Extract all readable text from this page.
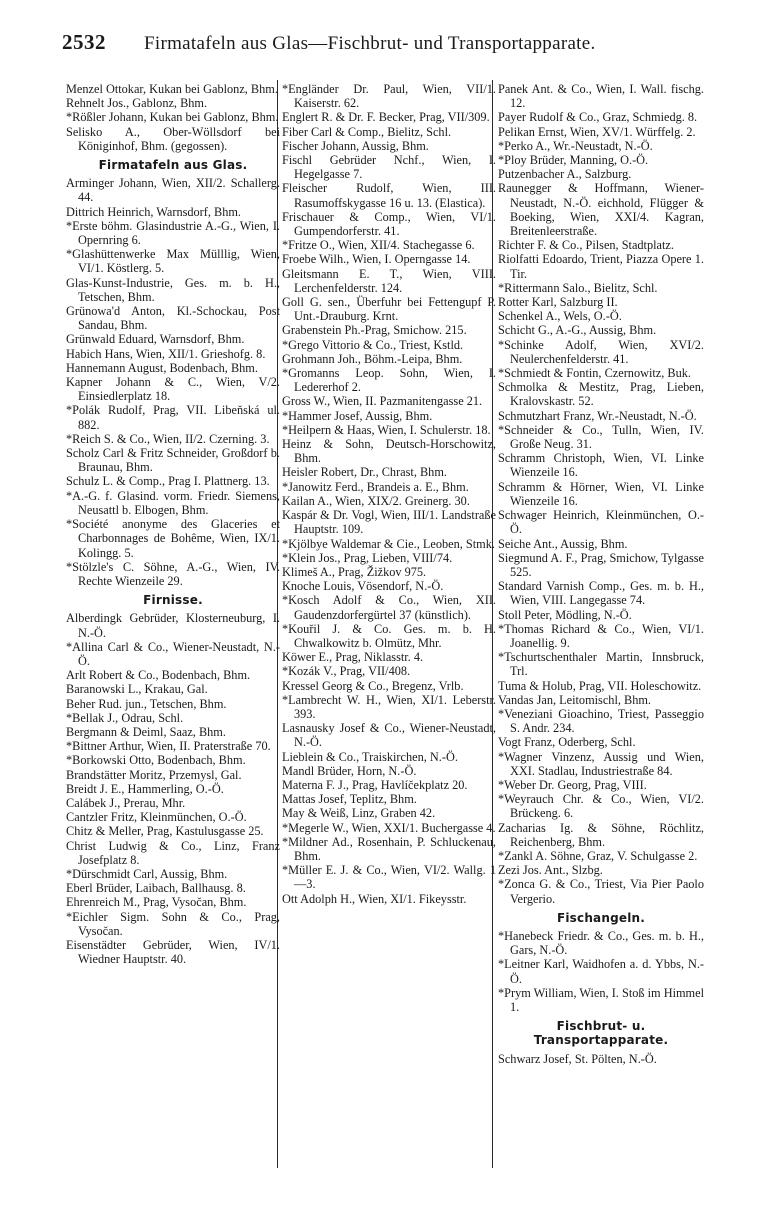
2532	Firmatafeln aus Glas—Fischbrut- und Transportapparate.
Menzel Ottokar, Kukan bei Gablonz, Bhm.
Rehnelt Jos., Gablonz, Bhm.
*Rößler Johann, Kukan bei Gablonz, Bhm.
Selisko A., Ober-Wöllsdorf bei Königinhof, Bhm. (gegossen).
Firmatafeln aus Glas.
Arminger Johann, Wien, XII/2. Schallerg. 44.
Dittrich Heinrich, Warnsdorf, Bhm.
*Erste böhm. Glasindustrie A.-G., Wien, I. Opernring 6.
*Glashüttenwerke Max Mülllig, Wien, VI/1. Köstlerg. 5.
Glas-Kunst-Industrie, Ges. m. b. H., Tetschen, Bhm.
Grünowa'd Anton, Kl.-Schockau, Post Sandau, Bhm.
Grünwald Eduard, Warnsdorf, Bhm.
Habich Hans, Wien, XII/1. Grieshofg. 8.
Hannemann August, Bodenbach, Bhm.
Kapner Johann & C., Wien, V/2. Einsiedlerplatz 18.
*Polák Rudolf, Prag, VII. Libeňská ul. 882.
*Reich S. & Co., Wien, II/2. Czerning. 3.
Scholz Carl & Fritz Schneider, Großdorf b. Braunau, Bhm.
Schulz L. & Comp., Prag I. Plattnerg. 13.
*A.-G. f. Glasind. vorm. Friedr. Siemens, Neusattl b. Elbogen, Bhm.
*Société anonyme des Glaceries et Charbonnages de Bohême, Wien, IX/1. Kolingg. 5.
*Stölzle's C. Söhne, A.-G., Wien, IV. Rechte Wienzeile 29.
Firnisse.
Alberdingk Gebrüder, Klosterneuburg, I. N.-Ö.
*Allina Carl & Co., Wiener-Neustadt, N.-Ö.
Arlt Robert & Co., Bodenbach, Bhm.
Baranowski L., Krakau, Gal.
Beher Rud. jun., Tetschen, Bhm.
*Bellak J., Odrau, Schl.
Bergmann & Deiml, Saaz, Bhm.
*Bittner Arthur, Wien, II. Praterstraße 70.
*Borkowski Otto, Bodenbach, Bhm.
Brandstätter Moritz, Przemysl, Gal.
Breidt J. E., Hammerling, O.-Ö.
Calábek J., Prerau, Mhr.
Cantzler Fritz, Kleinmünchen, O.-Ö.
Chitz & Meller, Prag, Kastulusgasse 25.
Christ Ludwig & Co., Linz, Franz Josefplatz 8.
*Dürschmidt Carl, Aussig, Bhm.
Eberl Brüder, Laibach, Ballhausg. 8.
Ehrenreich M., Prag, Vysočan, Bhm.
*Eichler Sigm. Sohn & Co., Prag, Vysočan.
Eisenstädter Gebrüder, Wien, IV/1. Wiedner Hauptstr. 40.
*Engländer Dr. Paul, Wien, VII/1. Kaiserstr. 62.
Englert R. & Dr. F. Becker, Prag, VII/309.
Fiber Carl & Comp., Bielitz, Schl.
Fischer Johann, Aussig, Bhm.
Fischl Gebrüder Nchf., Wien, I. Hegelgasse 7.
Fleischer Rudolf, Wien, III. Rasumoffskygasse 16 u. 13. (Elastica).
Frischauer & Comp., Wien, VI/1. Gumpendorferstr. 41.
*Fritze O., Wien, XII/4. Stachegasse 6.
Froebe Wilh., Wien, I. Operngasse 14.
Gleitsmann E. T., Wien, VIII. Lerchenfelderstr. 124.
Goll G. sen., Überfuhr bei Fettengupf P. Unt.-Drauburg. Krnt.
Grabenstein Ph.-Prag, Smichow. 215.
*Grego Vittorio & Co., Triest, Kstld.
Grohmann Joh., Böhm.-Leipa, Bhm.
*Gromanns Leop. Sohn, Wien, I. Ledererhof 2.
Gross W., Wien, II. Pazmanitengasse 21.
*Hammer Josef, Aussig, Bhm.
*Heilpern & Haas, Wien, I. Schulerstr. 18.
Heinz & Sohn, Deutsch-Horschowitz, Bhm.
Heisler Robert, Dr., Chrast, Bhm.
*Janowitz Ferd., Brandeis a. E., Bhm.
Kailan A., Wien, XIX/2. Greinerg. 30.
Kaspár & Dr. Vogl, Wien, III/1. Landstraße Hauptstr. 109.
*Kjölbye Waldemar & Cie., Leoben, Stmk.
*Klein Jos., Prag, Lieben, VIII/74.
Klimeš A., Prag, Žižkov 975.
Knoche Louis, Vösendorf, N.-Ö.
*Kosch Adolf & Co., Wien, XII. Gaudenzdorfergürtel 37 (künstlich).
*Kouřil J. & Co. Ges. m. b. H. Chwalkowitz b. Olmütz, Mhr.
Köwer E., Prag, Niklasstr. 4.
*Kozák V., Prag, VII/408.
Kressel Georg & Co., Bregenz, Vrlb.
*Lambrecht W. H., Wien, XI/1. Leberstr. 393.
Lasnausky Josef & Co., Wiener-Neustadt, N.-Ö.
Lieblein & Co., Traiskirchen, N.-Ö.
Mandl Brüder, Horn, N.-Ö.
Materna F. J., Prag, Havlíčekplatz 20.
Mattas Josef, Teplitz, Bhm.
May & Weiß, Linz, Graben 42.
*Megerle W., Wien, XXI/1. Buchergasse 4.
*Mildner Ad., Rosenhain, P. Schluckenau, Bhm.
*Müller E. J. & Co., Wien, VI/2. Wallg. 1—3.
Ott Adolph H., Wien, XI/1. Fikeysstr.
Panek Ant. & Co., Wien, I. Wall. fischg. 12.
Payer Rudolf & Co., Graz, Schmiedg. 8.
Pelikan Ernst, Wien, XV/1. Würffelg. 2.
*Perko A., Wr.-Neustadt, N.-Ö.
*Ploy Brüder, Manning, O.-Ö.
Putzenbacher A., Salzburg.
Raunegger & Hoffmann, Wiener-Neustadt, N.-Ö. eichhold, Flügger & Boeking, Wien, XXI/4. Kagran, Breitenleerstraße.
Richter F. & Co., Pilsen, Stadtplatz.
Riolfatti Edoardo, Trient, Piazza Opere 1. Tir.
*Rittermann Salo., Bielitz, Schl.
Rotter Karl, Salzburg II.
Schenkel A., Wels, O.-Ö.
Schicht G., A.-G., Aussig, Bhm.
*Schinke Adolf, Wien, XVI/2. Neulerchenfelderstr. 41.
*Schmiedt & Fontin, Czernowitz, Buk.
Schmolka & Mestitz, Prag, Lieben, Kralovskastr. 52.
Schmutzhart Franz, Wr.-Neustadt, N.-Ö.
*Schneider & Co., Tulln, Wien, IV. Große Neug. 31.
Schramm Christoph, Wien, VI. Linke Wienzeile 16.
Schramm & Hörner, Wien, VI. Linke Wienzeile 16.
Schwager Heinrich, Kleinmünchen, O.-Ö.
Seiche Ant., Aussig, Bhm.
Siegmund A. F., Prag, Smichow, Tylgasse 525.
Standard Varnish Comp., Ges. m. b. H., Wien, VIII. Langegasse 74.
Stoll Peter, Mödling, N.-Ö.
*Thomas Richard & Co., Wien, VI/1. Joanellig. 9.
*Tschurtschenthaler Martin, Innsbruck, Trl.
Tuma & Holub, Prag, VII. Holeschowitz.
Vandas Jan, Leitomischl, Bhm.
*Veneziani Gioachino, Triest, Passeggio S. Andr. 234.
Vogt Franz, Oderberg, Schl.
*Wagner Vinzenz, Aussig und Wien, XXI. Stadlau, Industriestraße 84.
*Weber Dr. Georg, Prag, VIII.
*Weyrauch Chr. & Co., Wien, VI/2. Brückeng. 6.
Zacharias Ig. & Söhne, Röchlitz, Reichenberg, Bhm.
*Zankl A. Söhne, Graz, V. Schulgasse 2.
Zezi Jos. Ant., Slzbg.
*Zonca G. & Co., Triest, Via Pier Paolo Vergerio.
Fischangeln.
*Hanebeck Friedr. & Co., Ges. m. b. H., Gars, N.-Ö.
*Leitner Karl, Waidhofen a. d. Ybbs, N.-Ö.
*Prym William, Wien, I. Stoß im Himmel 1.
Fischbrut- u. Transportapparate.
Schwarz Josef, St. Pölten, N.-Ö.
